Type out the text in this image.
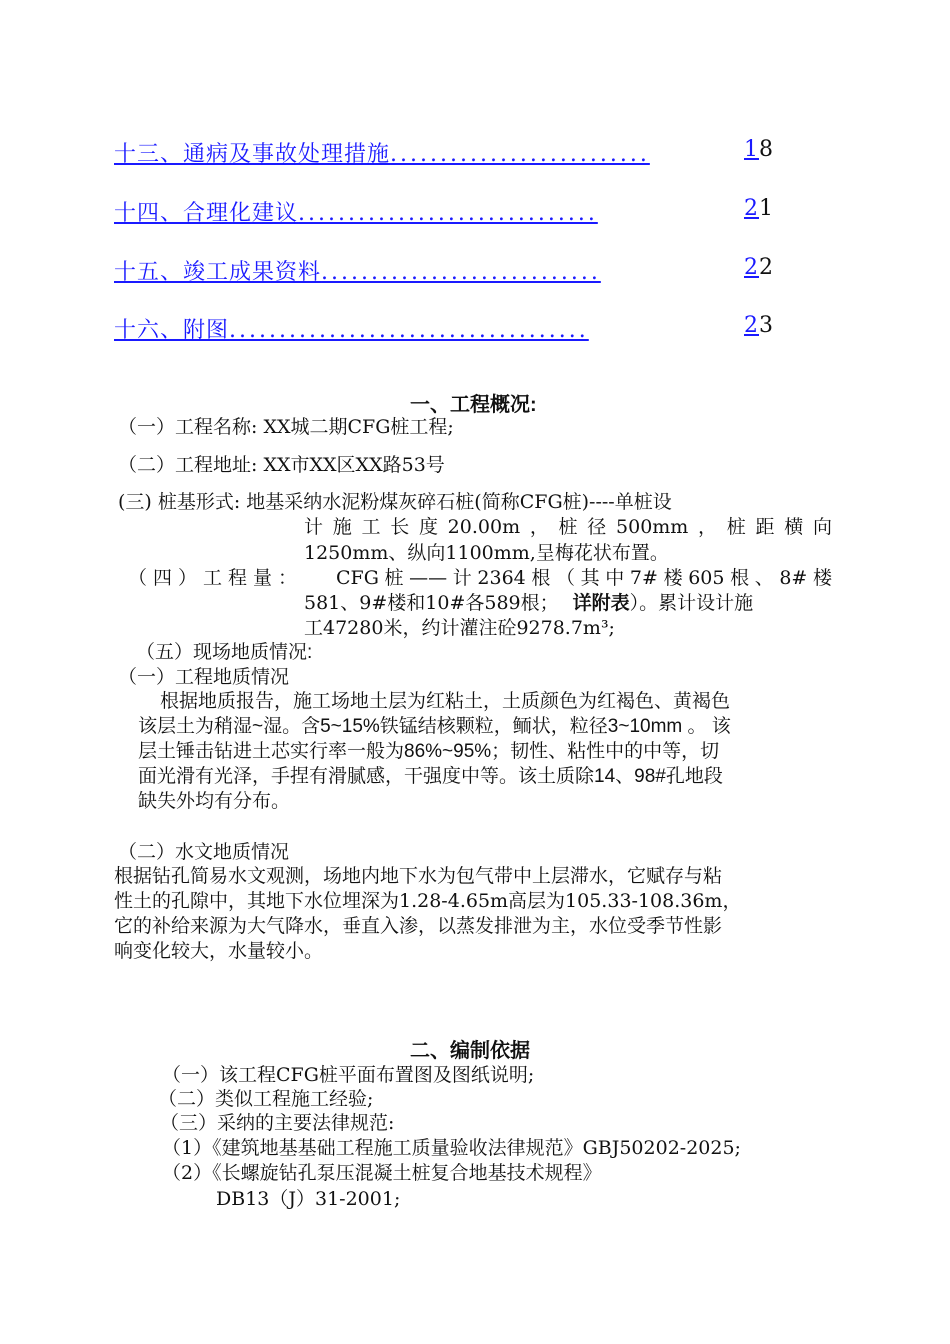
十三、通病及事故处理措施..........................	18
十四、合理化建议..............................	21
十五、竣工成果资料............................	22
十六、附图....................................	23
一、工程概况:
（一）工程名称: XX城二期CFG桩工程;
（二）工程地址: XX市XX区XX路53号
(三) 桩基形式: 地基采纳水泥粉煤灰碎石桩(简称CFG桩)----单桩设
计施工长度20.00m，桩径500mm，桩距横向
1250mm、纵向1100mm,呈梅花状布置。
（四）工程量： CFG桩——计2364根（其中7#楼605根、8#楼
581、9#楼和10#各589根； 详附表）。累计设计施
工47280米，约计灌注砼9278.7m³;
（五）现场地质情况:
（一）工程地质情况
根据地质报告，施工场地土层为红粘土，土质颜色为红褐色、黄褐色
该层土为稍湿~湿。含5~15%铁锰结核颗粒，鲕状，粒径3~10mm 。 该
层土锤击钻进土芯实行率一般为86%~95%；韧性、粘性中的中等，切
面光滑有光泽，手捏有滑腻感，干强度中等。该土质除14、98#孔地段
缺失外均有分布。
（二）水文地质情况
根据钻孔简易水文观测，场地内地下水为包气带中上层滞水，它赋存与粘
性土的孔隙中，其地下水位埋深为1.28-4.65m高层为105.33-108.36m，
它的补给来源为大气降水，垂直入渗，以蒸发排泄为主，水位受季节性影
响变化较大，水量较小。
二、编制依据
（一）该工程CFG桩平面布置图及图纸说明;
（二）类似工程施工经验;
（三）采纳的主要法律规范:
（1）《建筑地基基础工程施工质量验收法律规范》GBJ50202-2025;
（2）《长螺旋钻孔泵压混凝土桩复合地基技术规程》
DB13（J）31-2001;
